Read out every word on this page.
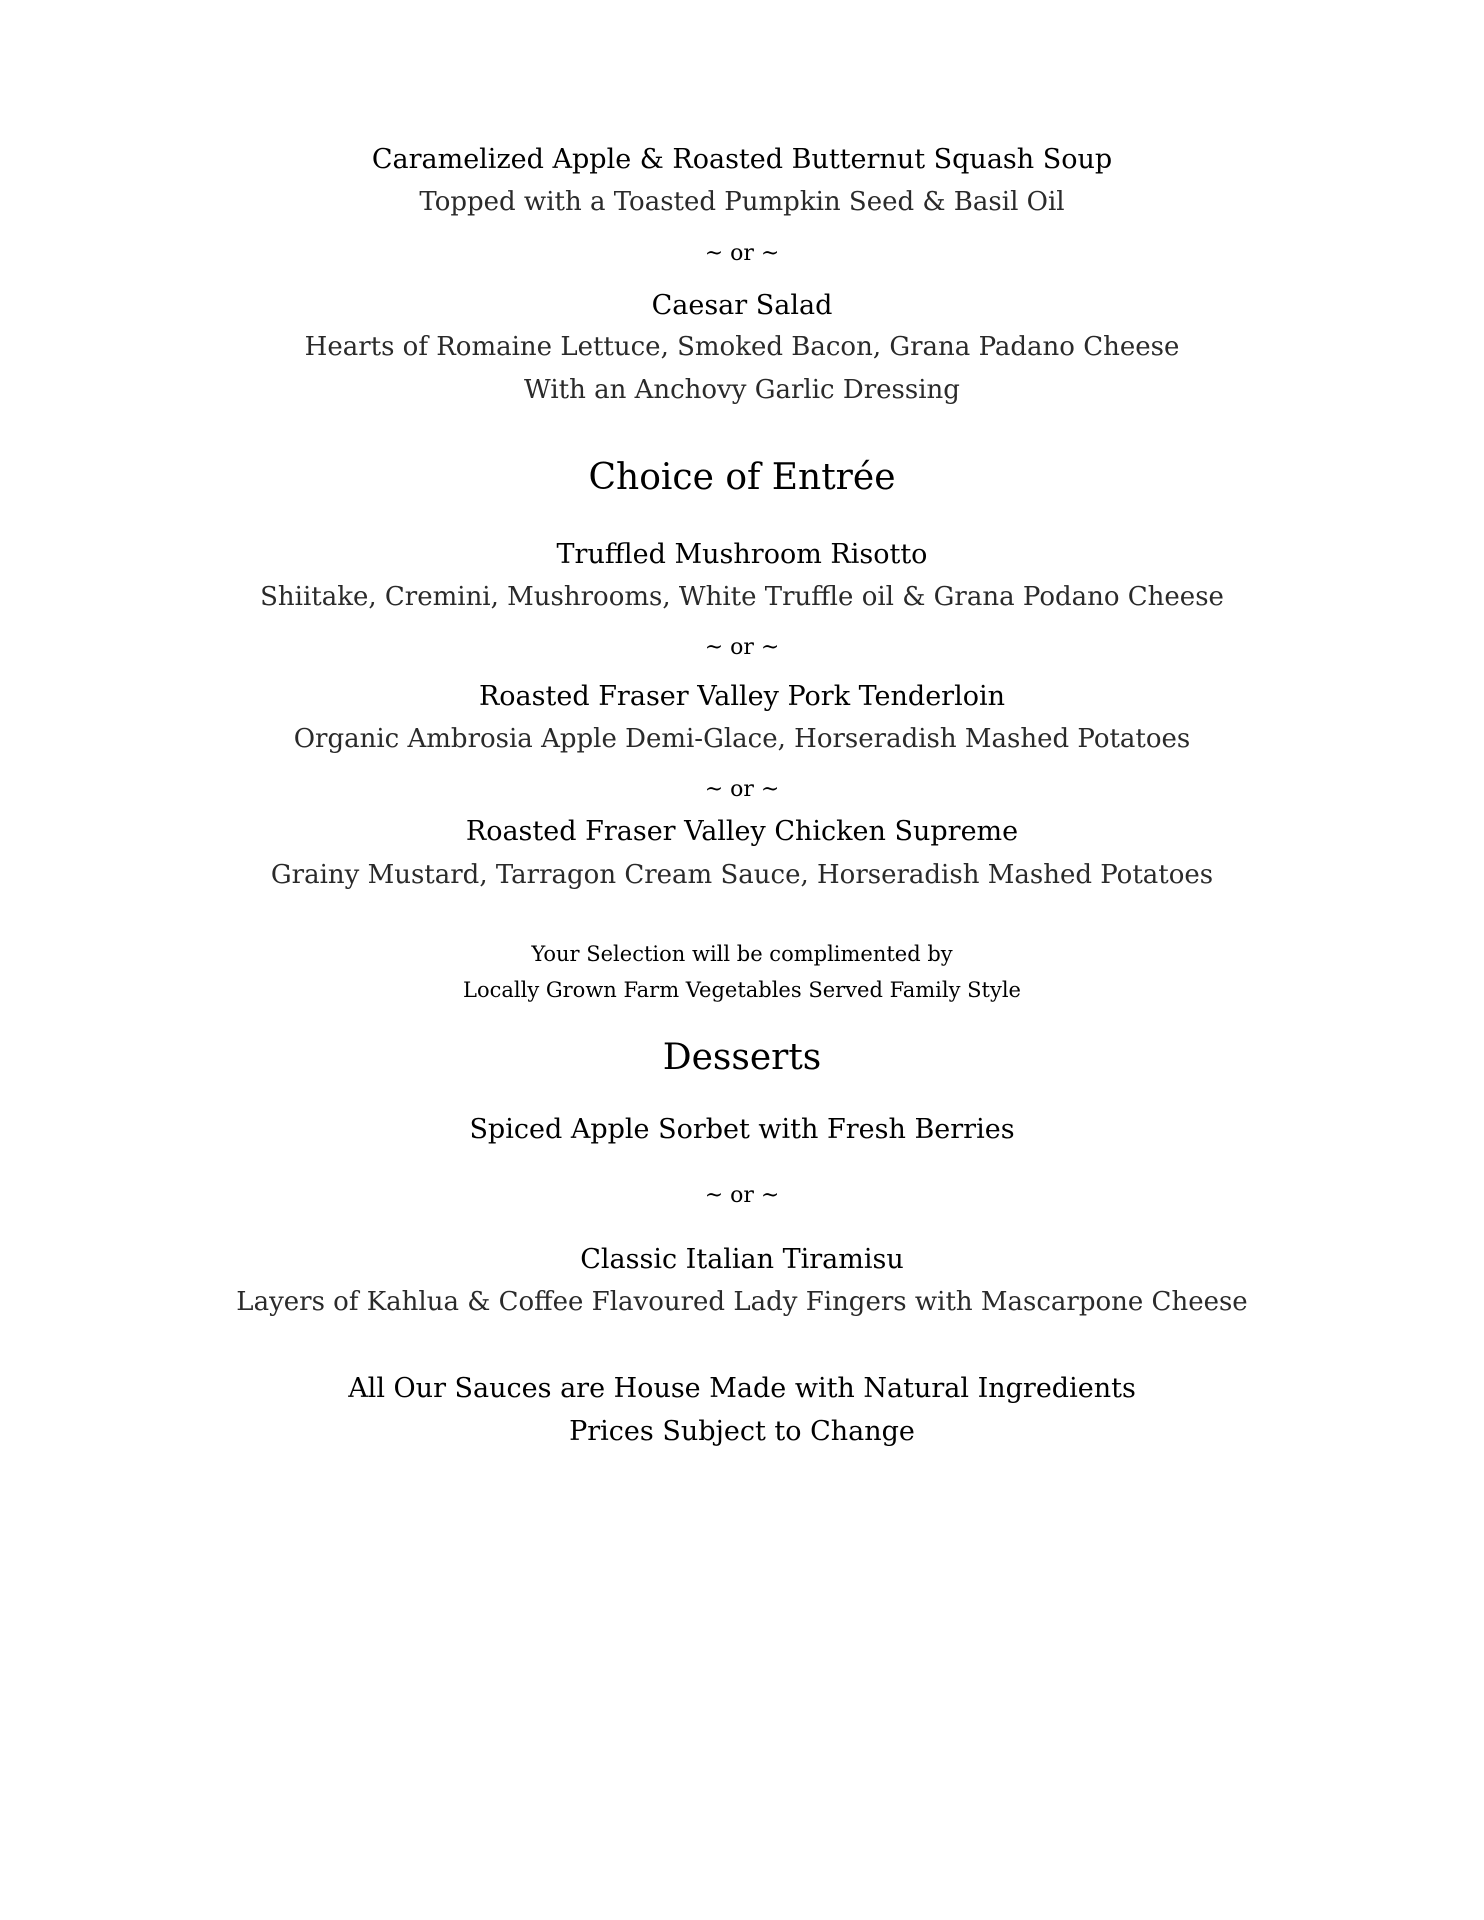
Caramelized Apple & Roasted Butternut Squash Soup
Topped with a Toasted Pumpkin Seed & Basil Oil
~ or ~
Caesar Salad
Hearts of Romaine Lettuce, Smoked Bacon, Grana Padano Cheese
With an Anchovy Garlic Dressing
Choice of Entrée
Truffled Mushroom Risotto
Shiitake, Cremini, Mushrooms, White Truffle oil & Grana Podano Cheese
~ or ~
Roasted Fraser Valley Pork Tenderloin
Organic Ambrosia Apple Demi-Glace, Horseradish Mashed Potatoes
~ or ~
Roasted Fraser Valley Chicken Supreme
Grainy Mustard, Tarragon Cream Sauce, Horseradish Mashed Potatoes
Your Selection will be complimented by
Locally Grown Farm Vegetables Served Family Style
Desserts
Spiced Apple Sorbet with Fresh Berries
~ or ~
Classic Italian Tiramisu
Layers of Kahlua & Coffee Flavoured Lady Fingers with Mascarpone Cheese
All Our Sauces are House Made with Natural Ingredients
Prices Subject to Change
